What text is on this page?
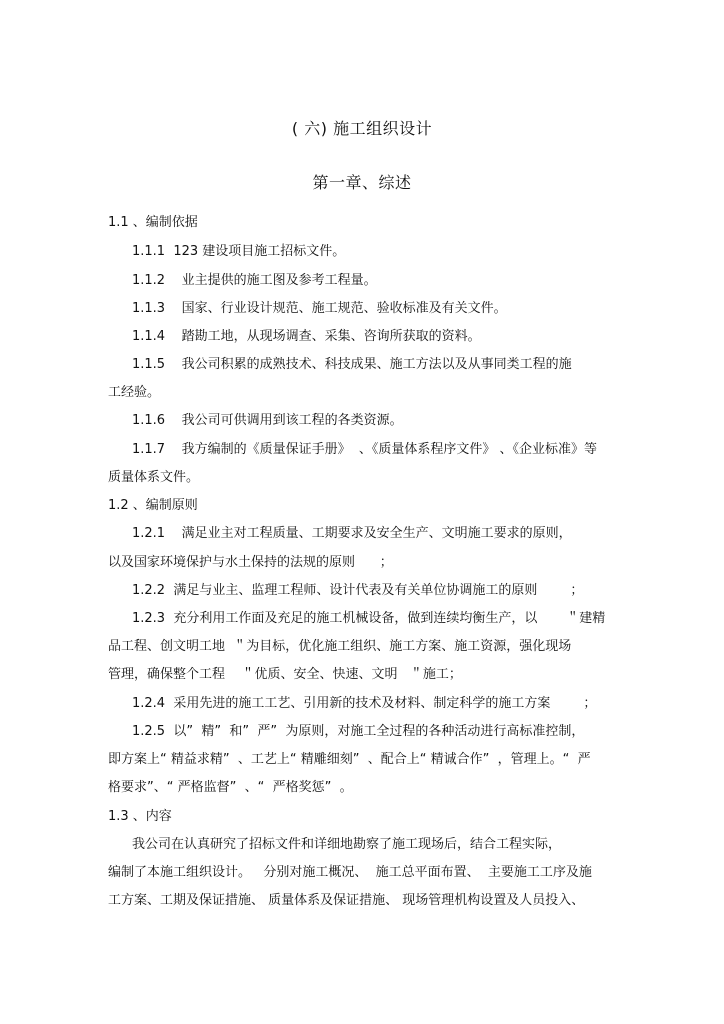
( 六) 施工组织设计
第一章、综述
1.1 、编制依据
1.1.1  123 建设项目施工招标文件。
1.1.2    业主提供的施工图及参考工程量。
1.1.3    国家、行业设计规范、施工规范、验收标准及有关文件。
1.1.4    踏勘工地，从现场调查、采集、咨询所获取的资料。
1.1.5    我公司积累的成熟技术、科技成果、施工方法以及从事同类工程的施
工经验。
1.1.6    我公司可供调用到该工程的各类资源。
1.1.7    我方编制的《质量保证手册》  、《质量体系程序文件》 、《企业标准》等
质量体系文件。
1.2 、编制原则
1.2.1    满足业主对工程质量、工期要求及安全生产、文明施工要求的原则，
以及国家环境保护与水土保持的法规的原则      ；
1.2.2  满足与业主、监理工程师、设计代表及有关单位协调施工的原则        ；
1.2.3  充分利用工作面及充足的施工机械设备，做到连续均衡生产，以       ＂建精
品工程、创文明工地  ＂为目标，优化施工组织、施工方案、施工资源，强化现场
管理，确保整个工程    ＂优质、安全、快速、文明   ＂施工；
1.2.4  采用先进的施工工艺、引用新的技术及材料、制定科学的施工方案        ；
1.2.5  以”  精”  和”  严”  为原则，对施工全过程的各种活动进行高标准控制，
即方案上“ 精益求精”  、工艺上“ 精雕细刻”  、配合上“ 精诚合作”  ，管理上。“  严
格要求”、“ 严格监督”  、“  严格奖惩”  。
1.3 、内容
我公司在认真研究了招标文件和详细地勘察了施工现场后，结合工程实际，
编制了本施工组织设计。   分别对施工概况、  施工总平面布置、  主要施工工序及施
工方案、工期及保证措施、 质量体系及保证措施、 现场管理机构设置及人员投入、
